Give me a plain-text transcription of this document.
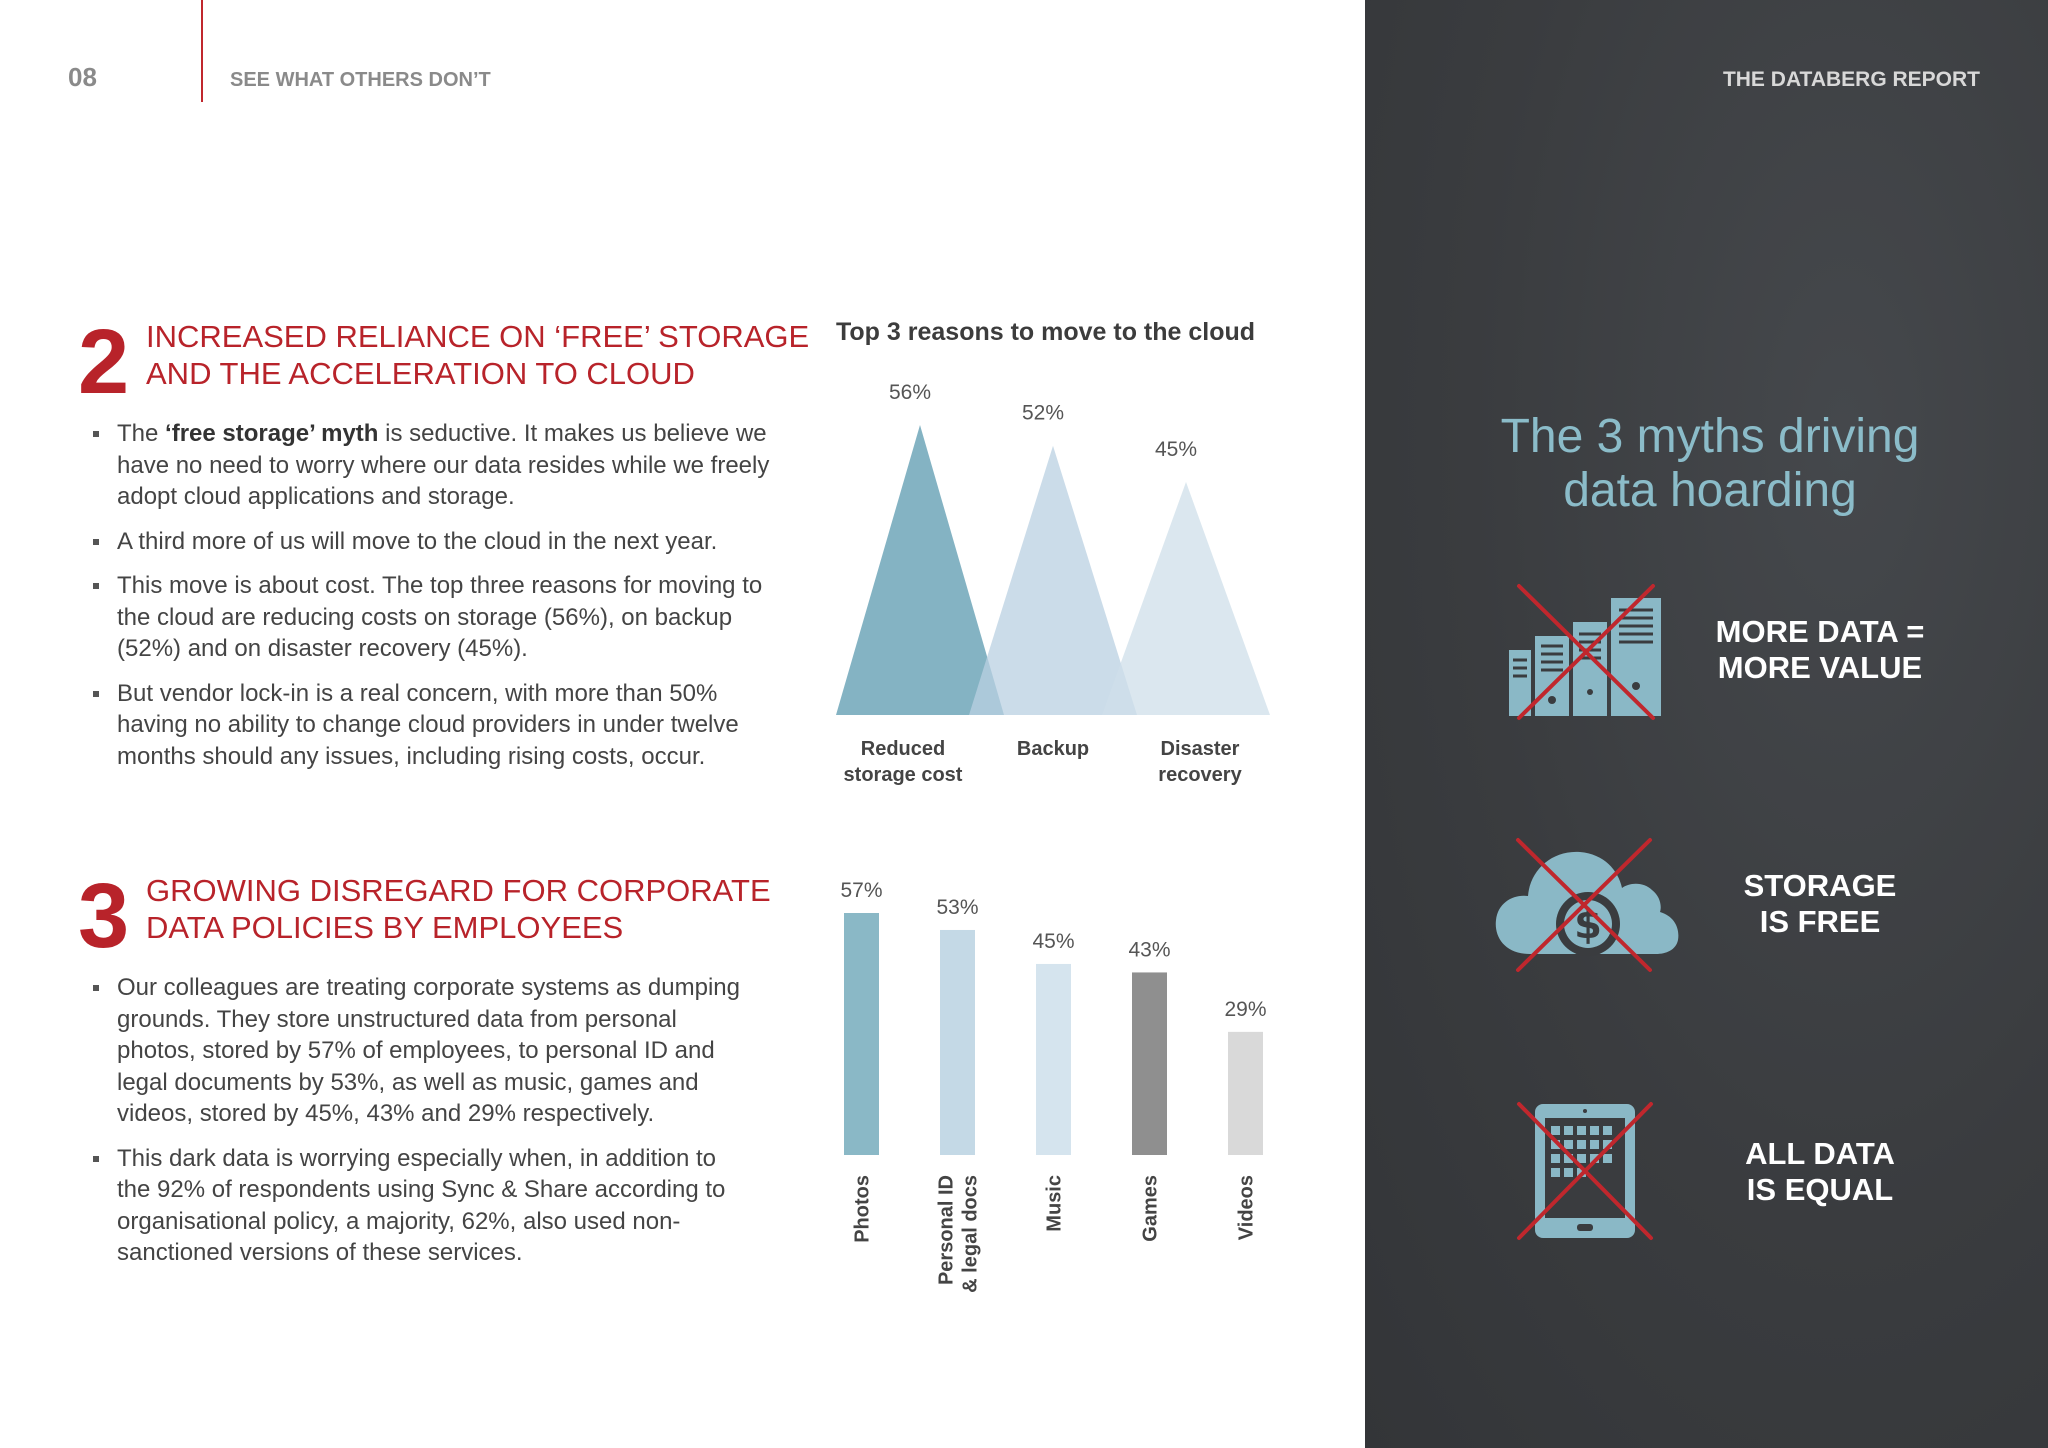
08	SEE WHAT OTHERS DON’T
2 INCREASED RELIANCE ON ‘FREE’ STORAGE
AND THE ACCELERATION TO CLOUD
The ‘free storage’ myth is seductive. It makes us believe we have no need to worry where our data resides while we freely adopt cloud applications and storage.
A third more of us will move to the cloud in the next year.
This move is about cost. The top three reasons for moving to the cloud are reducing costs on storage (56%), on backup (52%) and on disaster recovery (45%).
But vendor lock-in is a real concern, with more than 50% having no ability to change cloud providers in under twelve months should any issues, including rising costs, occur.
3 GROWING DISREGARD FOR CORPORATE
DATA POLICIES BY EMPLOYEES
Our colleagues are treating corporate systems as dumping grounds. They store unstructured data from personal photos, stored by 57% of employees, to personal ID and legal documents by 53%, as well as music, games and videos, stored by 45%, 43% and 29% respectively.
This dark data is worrying especially when, in addition to the 92% of respondents using Sync & Share according to organisational policy, a majority, 62%, also used non-sanctioned versions of these services.
Top 3 reasons to move to the cloud
56%
Reduced
storage cost
52%
Backup
45%
Disaster
recovery
57%
Photos
53%
Personal ID & legal docs
45%
Music
43%
Games
29%
Videos
THE DATABERG REPORT
The 3 myths driving
data hoarding
MORE DATA =
MORE VALUE
$
STORAGE
IS FREE
ALL DATA
IS EQUAL
